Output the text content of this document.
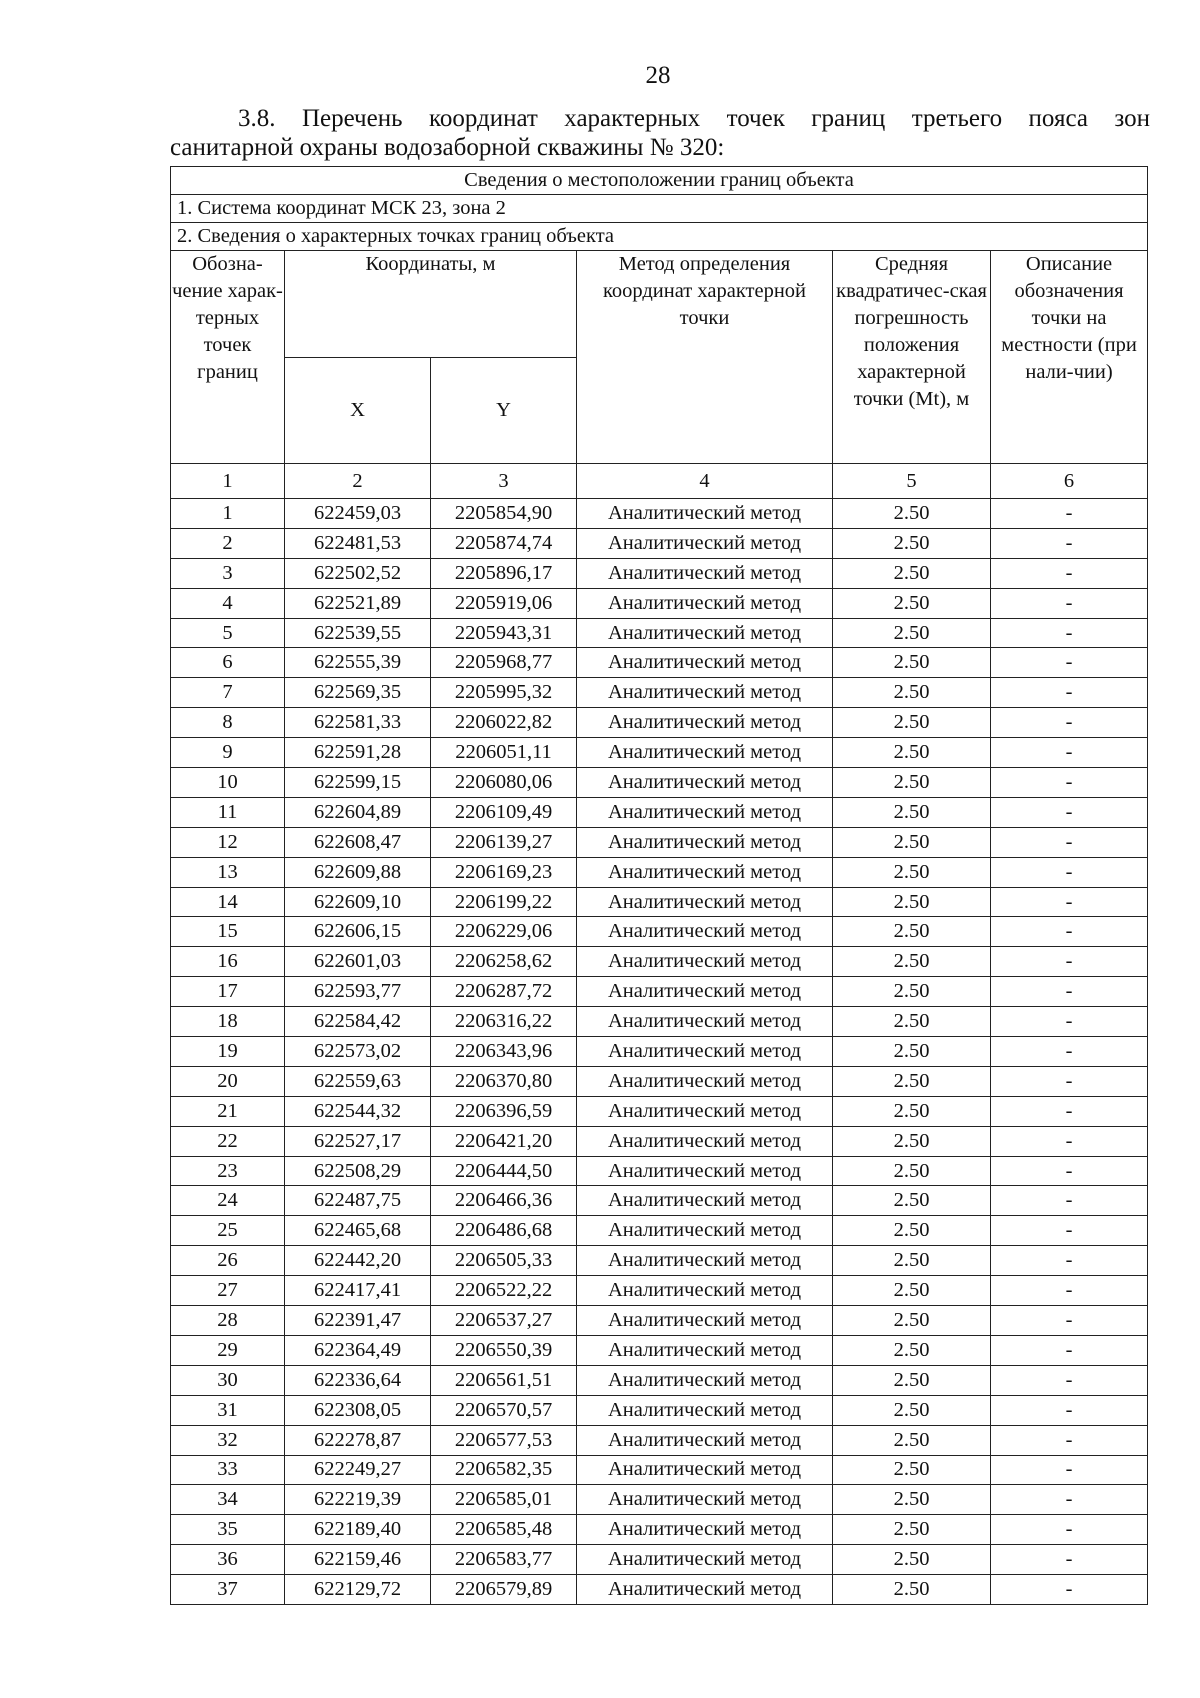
28
3.8. Перечень координат характерных точек границ третьего пояса зон
санитарной охраны водозаборной скважины № 320:
Сведения о местоположении границ объекта					
1. Система координат МСК 23, зона 2					
2. Сведения о характерных точках границ объекта					
Обозна-чение харак-терных точек границ	Координаты, м		Метод определения координат характерной точки	Средняя квадратичес-ская погрешность положения характерной точки (Mt), м	Описание обозначения точки на местности (при нали-чии)
	X	Y			
1	2	3	4	5	6
1	622459,03	2205854,90	Аналитический метод	2.50	-
2	622481,53	2205874,74	Аналитический метод	2.50	-
3	622502,52	2205896,17	Аналитический метод	2.50	-
4	622521,89	2205919,06	Аналитический метод	2.50	-
5	622539,55	2205943,31	Аналитический метод	2.50	-
6	622555,39	2205968,77	Аналитический метод	2.50	-
7	622569,35	2205995,32	Аналитический метод	2.50	-
8	622581,33	2206022,82	Аналитический метод	2.50	-
9	622591,28	2206051,11	Аналитический метод	2.50	-
10	622599,15	2206080,06	Аналитический метод	2.50	-
11	622604,89	2206109,49	Аналитический метод	2.50	-
12	622608,47	2206139,27	Аналитический метод	2.50	-
13	622609,88	2206169,23	Аналитический метод	2.50	-
14	622609,10	2206199,22	Аналитический метод	2.50	-
15	622606,15	2206229,06	Аналитический метод	2.50	-
16	622601,03	2206258,62	Аналитический метод	2.50	-
17	622593,77	2206287,72	Аналитический метод	2.50	-
18	622584,42	2206316,22	Аналитический метод	2.50	-
19	622573,02	2206343,96	Аналитический метод	2.50	-
20	622559,63	2206370,80	Аналитический метод	2.50	-
21	622544,32	2206396,59	Аналитический метод	2.50	-
22	622527,17	2206421,20	Аналитический метод	2.50	-
23	622508,29	2206444,50	Аналитический метод	2.50	-
24	622487,75	2206466,36	Аналитический метод	2.50	-
25	622465,68	2206486,68	Аналитический метод	2.50	-
26	622442,20	2206505,33	Аналитический метод	2.50	-
27	622417,41	2206522,22	Аналитический метод	2.50	-
28	622391,47	2206537,27	Аналитический метод	2.50	-
29	622364,49	2206550,39	Аналитический метод	2.50	-
30	622336,64	2206561,51	Аналитический метод	2.50	-
31	622308,05	2206570,57	Аналитический метод	2.50	-
32	622278,87	2206577,53	Аналитический метод	2.50	-
33	622249,27	2206582,35	Аналитический метод	2.50	-
34	622219,39	2206585,01	Аналитический метод	2.50	-
35	622189,40	2206585,48	Аналитический метод	2.50	-
36	622159,46	2206583,77	Аналитический метод	2.50	-
37	622129,72	2206579,89	Аналитический метод	2.50	-
